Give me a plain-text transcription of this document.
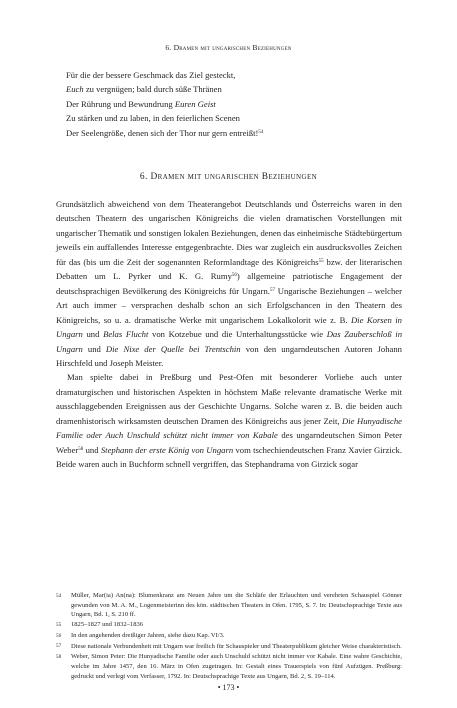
6. Dramen mit ungarischen Beziehungen
Für die der bessere Geschmack das Ziel gesteckt,
Euch zu vergnügen; bald durch süße Thränen
Der Rührung und Bewundrung Euren Geist
Zu stärken und zu laben, in den feierlichen Scenen
Der Seelengröße, denen sich der Thor nur gern entreißt!$^{54}$
6. Dramen mit ungarischen Beziehungen

Grundsätzlich abweichend von dem Theaterangebot Deutschlands und Österreichs waren in den deutschen Theatern des ungarischen Königreichs die vielen dramatischen Vorstellungen mit ungarischer Thematik und sonstigen lokalen Beziehungen, denen das einheimische Städtebürgertum jeweils ein auffallendes Interesse entgegenbrachte. Dies war zugleich ein ausdrucksvolles Zeichen für das (bis um die Zeit der sogenannten Reformlandtage des Königreichs$^{55}$ bzw. der literarischen Debatten um L. Pyrker und K. G. Rumy$^{56}$) allgemeine patriotische Engagement der deutschsprachigen Bevölkerung des Königreichs für Ungarn.$^{57}$ Ungarische Beziehungen – welcher Art auch immer – versprachen deshalb schon an sich Erfolgschancen in den Theatern des Königreichs, so u. a. dramatische Werke mit ungarischem Lokalkolorit wie z. B. Die Korsen in Ungarn und Belas Flucht von Kotzebue und die Unterhaltungsstücke wie Das Zauberschloß in Ungarn und Die Nixe der Quelle bei Trentschin von den ungarndeutschen Autoren Johann Hirschfeld und Joseph Meister.

Man spielte dabei in Preßburg und Pest-Ofen mit besonderer Vorliebe auch unter dramaturgischen und historischen Aspekten in höchstem Maße relevante dramatische Werke mit ausschlaggebenden Ereignissen aus der Geschichte Ungarns. Solche waren z. B. die beiden auch dramenhistorisch wirksamsten deutschen Dramen des Königreichs aus jener Zeit, Die Hunyadische Familie oder Auch Unschuld schützt nicht immer von Kabale des ungarndeutschen Simon Peter Weber$^{58}$ und Stephann der erste König von Ungarn vom tschechiendeutschen Franz Xavier Girzick. Beide waren auch in Buchform schnell vergriffen, das Stephandrama von Girzick sogar

54	Müller, Mar(ia) An(na): Blumenkranz am Neuen Jahre um die Schläfe der Erlauchten und verehrten Schauspiel Gönner gewunden von M. A. M., Logenmeisterinn des kön. städtischen Theaters in Ofen. 1795, S. 7. In: Deutschsprachige Texte aus Ungarn, Bd. 1, S. 210 ff.
55	1825–1827 und 1832–1836
56	In den angehenden dreißiger Jahren, siehe dazu Kap. VI/3.
57	Diese nationale Verbundenheit mit Ungarn war freilich für Schauspieler und Theaterpublikum gleicher Weise charakteristisch.
58	Weber, Simon Peter: Die Hunyadische Familie oder auch Unschuld schützt nicht immer vor Kabale. Eine wahre Geschichte, welche im Jahre 1457, den 16. März in Ofen zugetragen. In: Gestalt eines Trauerspiels von fünf Aufzügen. Preßburg: gedruckt und verlegt vom Verfasser, 1792. In: Deutschsprachige Texte aus Ungarn, Bd. 2, S. 19–114.
• 173 •
